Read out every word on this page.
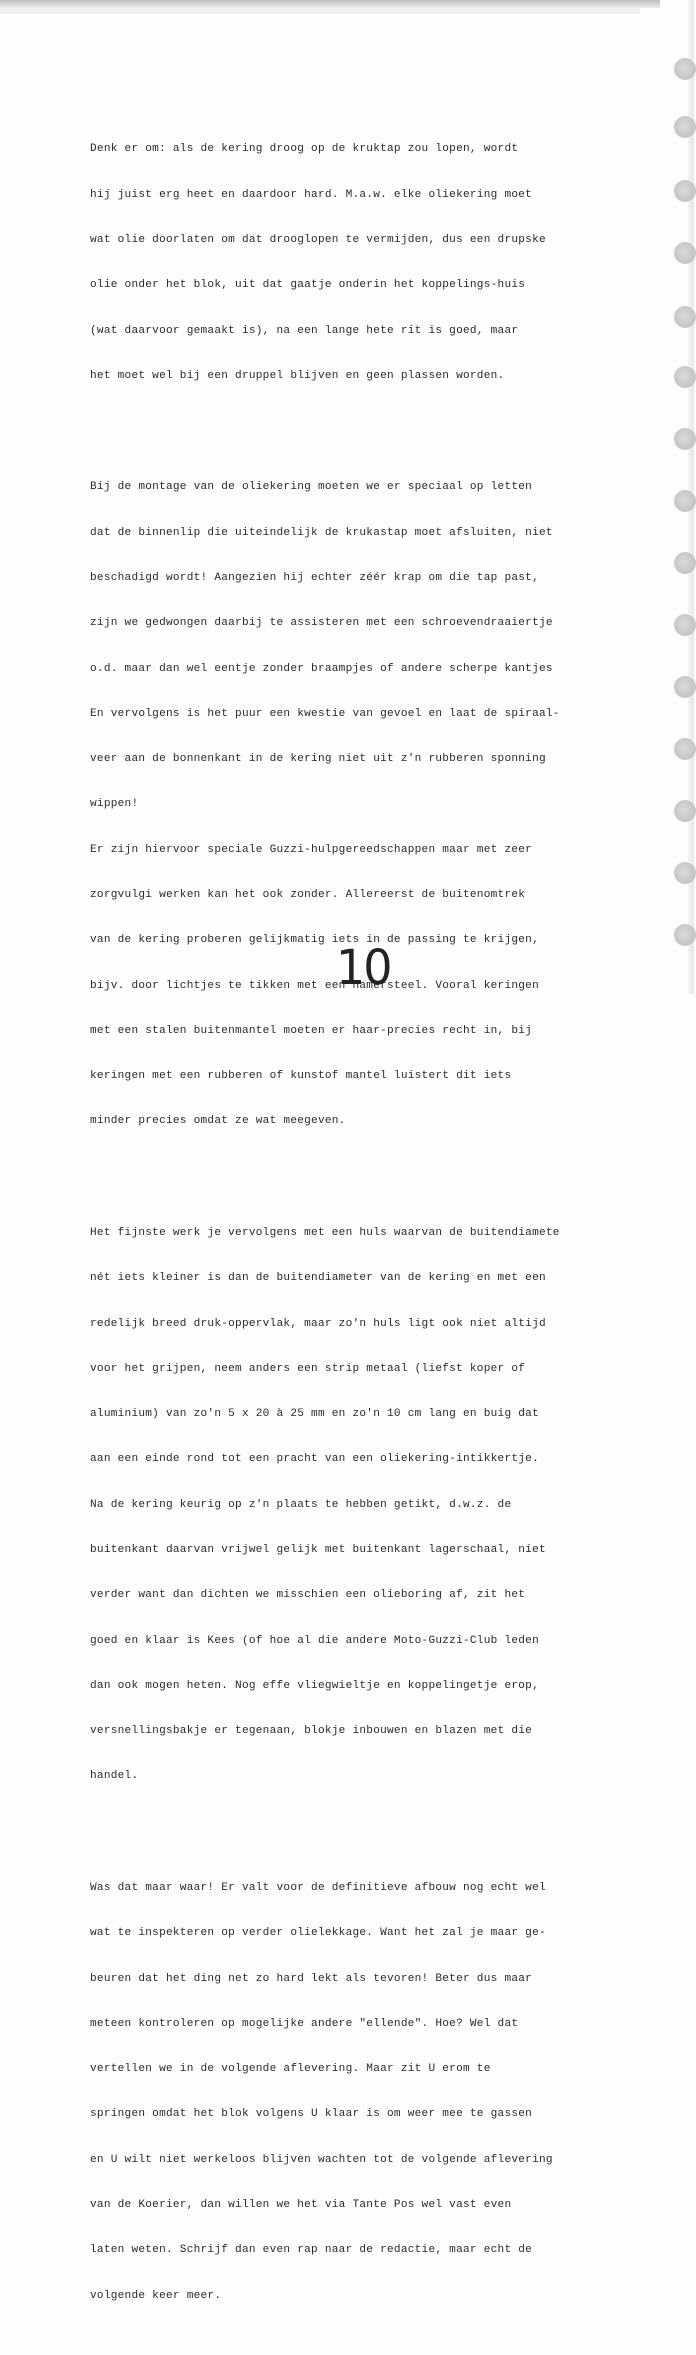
Denk er om: als de kering droog op de kruktap zou lopen, wordt

hij juist erg heet en daardoor hard. M.a.w. elke oliekering moet

wat olie doorlaten om dat drooglopen te vermijden, dus een drupske

olie onder het blok, uit dat gaatje onderin het koppelings-huis

(wat daarvoor gemaakt is), na een lange hete rit is goed, maar

het moet wel bij een druppel blijven en geen plassen worden.

Bij de montage van de oliekering moeten we er speciaal op letten

dat de binnenlip die uiteindelijk de krukastap moet afsluiten, niet

beschadigd wordt! Aangezien hij echter zéér krap om die tap past,

zijn we gedwongen daarbij te assisteren met een schroevendraaiertje

o.d. maar dan wel eentje zonder braampjes of andere scherpe kantjes

En vervolgens is het puur een kwestie van gevoel en laat de spiraal-

veer aan de bonnenkant in de kering niet uit z'n rubberen sponning

wippen!

Er zijn hiervoor speciale Guzzi-hulpgereedschappen maar met zeer

zorgvulgi werken kan het ook zonder. Allereerst de buitenomtrek

van de kering proberen gelijkmatig iets in de passing te krijgen,

bijv. door lichtjes te tikken met een hamersteel. Vooral keringen

met een stalen buitenmantel moeten er haar-precies recht in, bij

keringen met een rubberen of kunstof mantel luistert dit iets

minder precies omdat ze wat meegeven.

Het fijnste werk je vervolgens met een huls waarvan de buitendiamete

nét iets kleiner is dan de buitendiameter van de kering en met een

redelijk breed druk-oppervlak, maar zo'n huls ligt ook niet altijd

voor het grijpen, neem anders een strip metaal (liefst koper of

aluminium) van zo'n 5 x 20 à 25 mm en zo'n 10 cm lang en buig dat

aan een einde rond tot een pracht van een oliekering-intikkertje.

Na de kering keurig op z'n plaats te hebben getikt, d.w.z. de

buitenkant daarvan vrijwel gelijk met buitenkant lagerschaal, níet

verder want dan dichten we misschien een olieboring af, zit het

goed en klaar is Kees (of hoe al die andere Moto-Guzzi-Club leden

dan ook mogen heten. Nog effe vliegwieltje en koppelingetje erop,

versnellingsbakje er tegenaan, blokje inbouwen en blazen met die

handel.

Was dat maar waar! Er valt voor de definitieve afbouw nog echt wel

wat te inspekteren op verder olielekkage. Want het zal je maar ge-

beuren dat het ding net zo hard lekt als tevoren! Beter dus maar

meteen kontroleren op mogelijke andere "ellende". Hoe? Wel dat

vertellen we in de volgende aflevering. Maar zit U erom te

springen omdat het blok volgens U klaar is om weer mee te gassen

en U wilt niet werkeloos blijven wachten tot de volgende aflevering

van de Koerier, dan willen we het via Tante Pos wel vast even

laten weten. Schrijf dan even rap naar de redactie, maar echt de

volgende keer meer.

10
